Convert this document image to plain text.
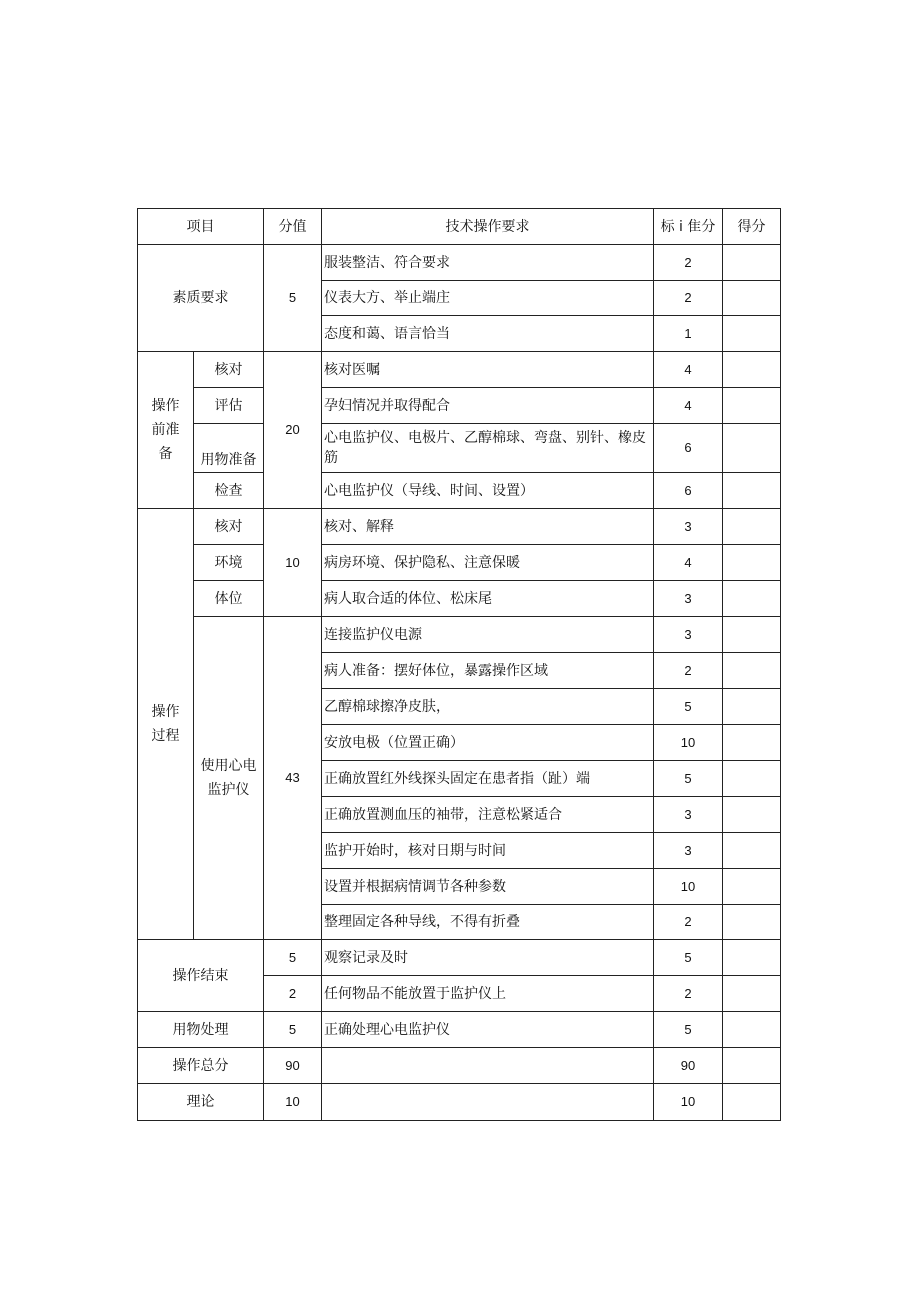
项目		分值	技术操作要求	标 i 隹分	得分
素质要求		5	服装整洁、符合要求	2	
			仪表大方、举止端庄	2	
			态度和蔼、语言恰当	1	
操作前准备	核对	20	核对医嘱	4	
	评估		孕妇情况并取得配合	4	
	用物准备		心电监护仪、电极片、乙醇棉球、弯盘、别针、橡皮筋	6	
	检查		心电监护仪（导线、时间、设置）	6	
操作过程	核对	10	核对、解释	3	
	环境		病房环境、保护隐私、注意保暖	4	
	体位		病人取合适的体位、松床尾	3	
	使用心电监护仪	43	连接监护仪电源	3	
			病人准备：摆好体位，暴露操作区域	2	
			乙醇棉球擦净皮肤，	5	
			安放电极（位置正确）	10	
			正确放置红外线探头固定在患者指（趾）端	5	
			正确放置测血压的袖带，注意松紧适合	3	
			监护开始时，核对日期与时间	3	
			设置并根据病情调节各种参数	10	
			整理固定各种导线，不得有折叠	2	
操作结束		5	观察记录及时	5	
		2	任何物品不能放置于监护仪上	2	
用物处理		5	正确处理心电监护仪	5	
操作总分		90		90	
理论		10		10	
